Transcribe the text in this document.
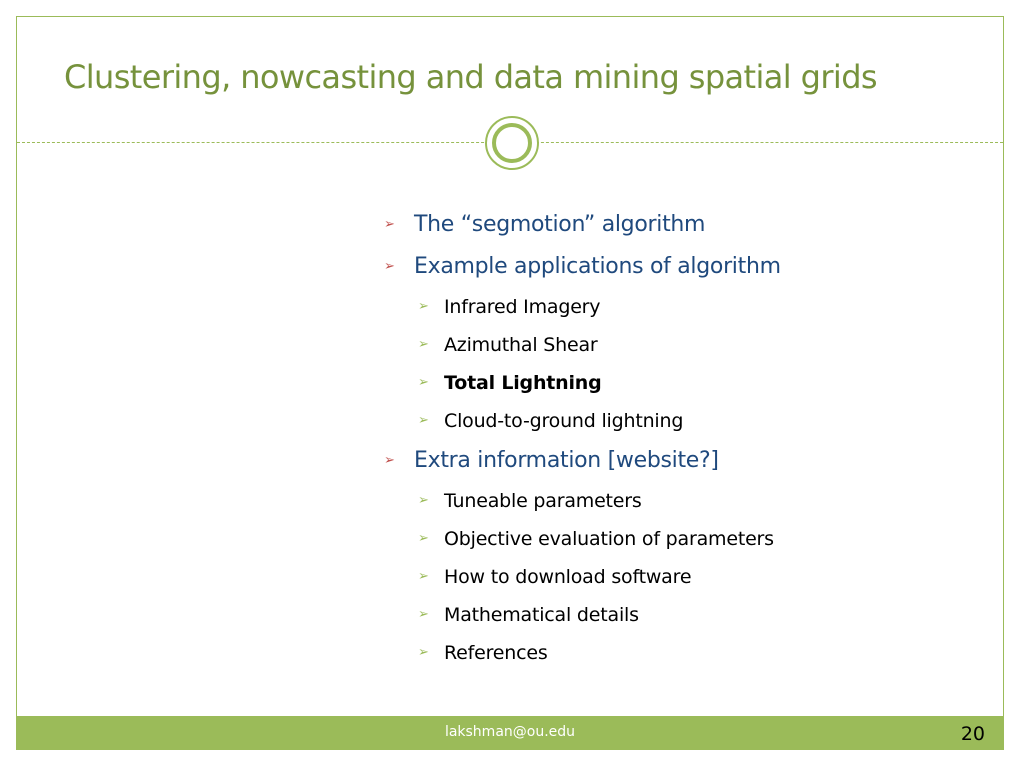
Clustering, nowcasting and data mining spatial grids
➢ The “segmotion” algorithm
➢ Example applications of algorithm
➢ Infrared Imagery
➢ Azimuthal Shear
➢ Total Lightning
➢ Cloud-to-ground lightning
➢ Extra information [website?]
➢ Tuneable parameters
➢ Objective evaluation of parameters
➢ How to download software
➢ Mathematical details
➢ References
lakshman@ou.edu	20
